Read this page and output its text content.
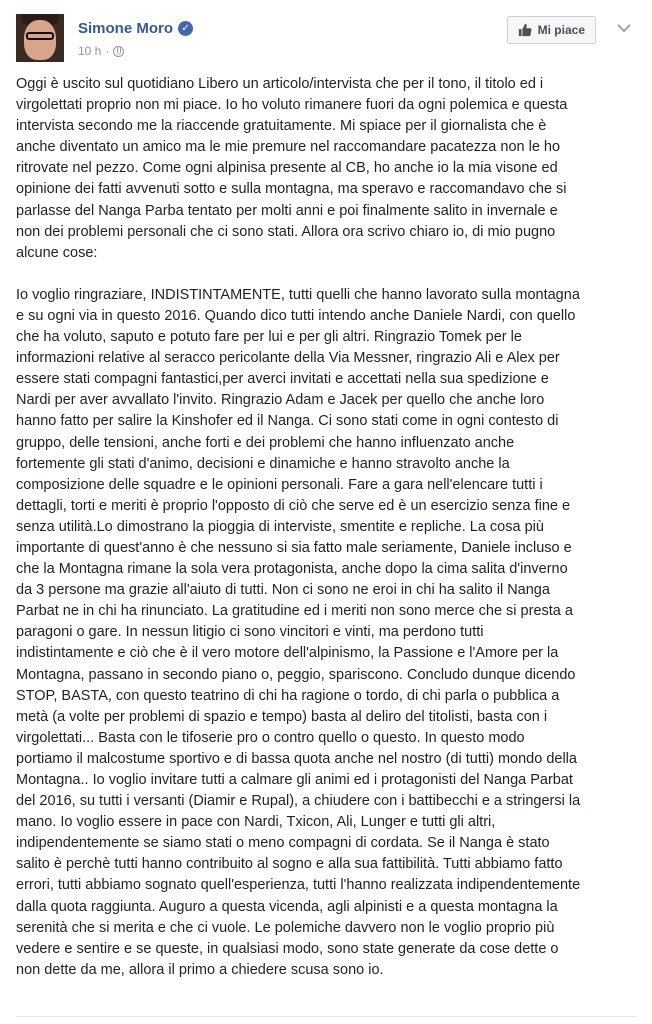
Simone Moro ✓
10 h ·
Mi piace

Oggi è uscito sul quotidiano Libero un articolo/intervista che per il tono, il titolo ed i
virgolettati proprio non mi piace. Io ho voluto rimanere fuori da ogni polemica e questa
intervista secondo me la riaccende gratuitamente. Mi spiace per il giornalista che è
anche diventato un amico ma le mie premure nel raccomandare pacatezza non le ho
ritrovate nel pezzo. Come ogni alpinisa presente al CB, ho anche io la mia visone ed
opinione dei fatti avvenuti sotto e sulla montagna, ma speravo e raccomandavo che si
parlasse del Nanga Parba tentato per molti anni e poi finalmente salito in invernale e
non dei problemi personali che ci sono stati. Allora ora scrivo chiaro io, di mio pugno
alcune cose:

Io voglio ringraziare, INDISTINTAMENTE, tutti quelli che hanno lavorato sulla montagna
e su ogni via in questo 2016. Quando dico tutti intendo anche Daniele Nardi, con quello
che ha voluto, saputo e potuto fare per lui e per gli altri. Ringrazio Tomek per le
informazioni relative al seracco pericolante della Via Messner, ringrazio Ali e Alex per
essere stati compagni fantastici,per averci invitati e accettati nella sua spedizione e
Nardi per aver avvallato l'invito. Ringrazio Adam e Jacek per quello che anche loro
hanno fatto per salire la Kinshofer ed il Nanga. Ci sono stati come in ogni contesto di
gruppo, delle tensioni, anche forti e dei problemi che hanno influenzato anche
fortemente gli stati d'animo, decisioni e dinamiche e hanno stravolto anche la
composizione delle squadre e le opinioni personali. Fare a gara nell'elencare tutti i
dettagli, torti e meriti è proprio l'opposto di ciò che serve ed è un esercizio senza fine e
senza utilità.Lo dimostrano la pioggia di interviste, smentite e repliche. La cosa più
importante di quest'anno è che nessuno si sia fatto male seriamente, Daniele incluso e
che la Montagna rimane la sola vera protagonista, anche dopo la cima salita d'inverno
da 3 persone ma grazie all'aiuto di tutti. Non ci sono ne eroi in chi ha salito il Nanga
Parbat ne in chi ha rinunciato. La gratitudine ed i meriti non sono merce che si presta a
paragoni o gare. In nessun litigio ci sono vincitori e vinti, ma perdono tutti
indistintamente e ciò che è il vero motore dell'alpinismo, la Passione e l'Amore per la
Montagna, passano in secondo piano o, peggio, spariscono. Concludo dunque dicendo
STOP, BASTA, con questo teatrino di chi ha ragione o tordo, di chi parla o pubblica a
metà (a volte per problemi di spazio e tempo) basta al deliro del titolisti, basta con i
virgolettati... Basta con le tifoserie pro o contro quello o questo. In questo modo
portiamo il malcostume sportivo e di bassa quota anche nel nostro (di tutti) mondo della
Montagna.. Io voglio invitare tutti a calmare gli animi ed i protagonisti del Nanga Parbat
del 2016, su tutti i versanti (Diamir e Rupal), a chiudere con i battibecchi e a stringersi la
mano. Io voglio essere in pace con Nardi, Txicon, Ali, Lunger e tutti gli altri,
indipendentemente se siamo stati o meno compagni di cordata. Se il Nanga è stato
salito è perchè tutti hanno contribuito al sogno e alla sua fattibilità. Tutti abbiamo fatto
errori, tutti abbiamo sognato quell'esperienza, tutti l'hanno realizzata indipendentemente
dalla quota raggiunta. Auguro a questa vicenda, agli alpinisti e a questa montagna la
serenità che si merita e che ci vuole. Le polemiche davvero non le voglio proprio più
vedere e sentire e se queste, in qualsiasi modo, sono state generate da cose dette o
non dette da me, allora il primo a chiedere scusa sono io.
